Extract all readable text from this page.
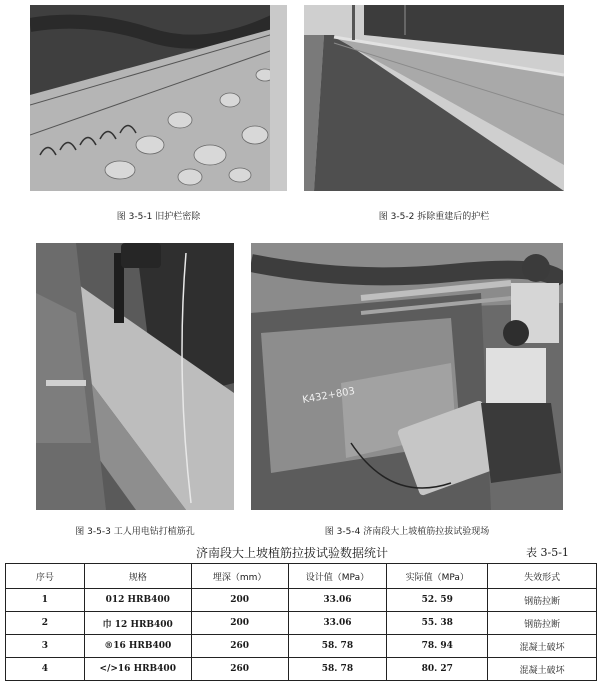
图 3-5-1 旧护栏密除	图 3-5-2 拆除重建后的护栏
图 3-5-3 工人用电钻打植筋孔
K432+803
图 3-5-4 济南段大上坡植筋拉拔试验现场
济南段大上坡植筋拉拔试验数据统计	表 3-5-1
序号	规格	埋深（mm）	设计值（MPa）	实际值（MPa）	失效形式
1	012 HRB400	200	33.06	52. 59	钢筋拉断
2	巾 12 HRB400	200	33.06	55. 38	钢筋拉断
3	®16 HRB400	260	58. 78	78. 94	混凝土破坏
4	</>16 HRB400	260	58. 78	80. 27	混凝土破坏
